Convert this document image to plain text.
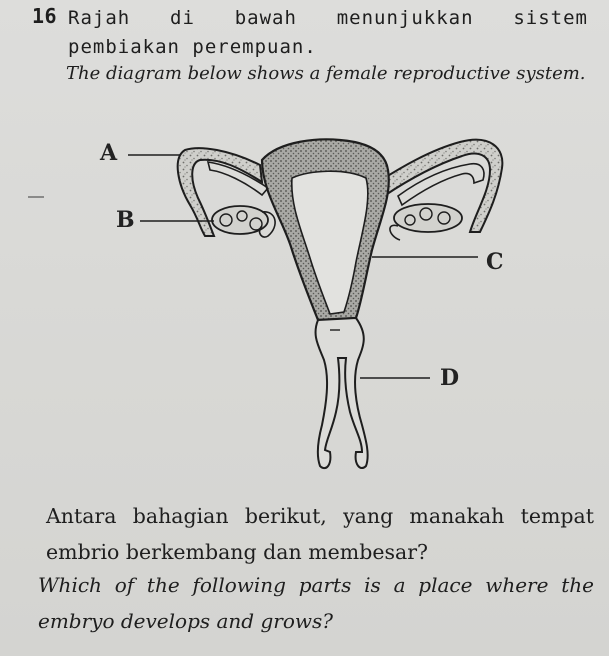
16 Rajah di bawah menunjukkan sistem pembiakan perempuan.
The diagram below shows a female reproductive system.
A
B
C
D
Antara bahagian berikut, yang manakah tempat embrio berkembang dan membesar?
Which of the following parts is a place where the embryo develops and grows?
